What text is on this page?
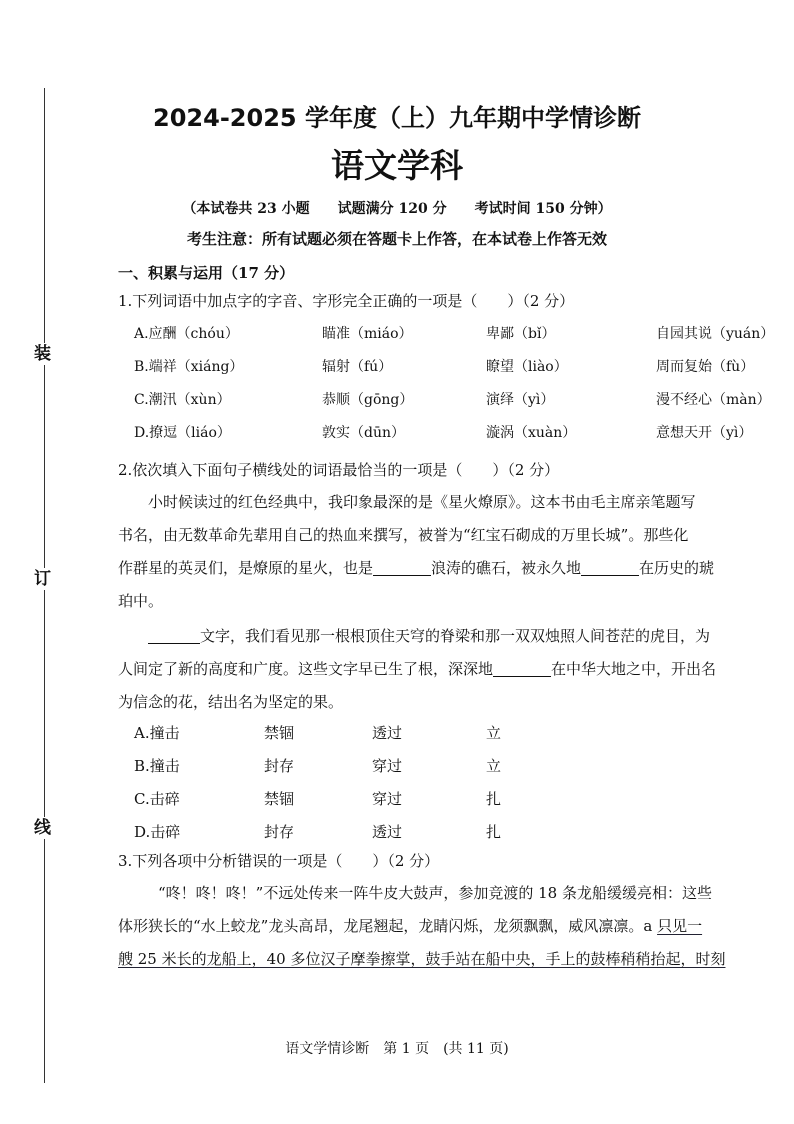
装
订
线
2024-2025 学年度（上）九年期中学情诊断
语文学科
（本试卷共 23 小题　　试题满分 120 分　　考试时间 150 分钟）
考生注意：所有试题必须在答题卡上作答，在本试卷上作答无效
一、积累与运用（17 分）
1.下列词语中加点字的字音、字形完全正确的一项是（　　）（2 分）
A.应酬（chóu）	瞄准（miáo）	卑鄙（bǐ）	自园其说（yuán）
B.端祥（xiáng）	辐射（fú）	瞭望（liào）	周而复始（fù）
C.潮汛（xùn）	恭顺（gōng）	演绎（yì）	漫不经心（màn）
D.撩逗（liáo）	敦实（dūn）	漩涡（xuàn）	意想天开（yì）
2.依次填入下面句子横线处的词语最恰当的一项是（　　）（2 分）
小时候读过的红色经典中，我印象最深的是《星火燎原》。这本书由毛主席亲笔题写
书名，由无数革命先辈用自己的热血来撰写，被誉为“红宝石砌成的万里长城”。那些化
作群星的英灵们，是燎原的星火，也是	浪涛的礁石，被永久地	在历史的琥
珀中。
文字，我们看见那一根根顶住天穹的脊梁和那一双双烛照人间苍茫的虎目，为
人间定了新的高度和广度。这些文字早已生了根，深深地	在中华大地之中，开出名
为信念的花，结出名为坚定的果。
A.撞击	禁锢	透过	立
B.撞击	封存	穿过	立
C.击碎	禁锢	穿过	扎
D.击碎	封存	透过	扎
3.下列各项中分析错误的一项是（　　）（2 分）
“咚！咚！咚！”不远处传来一阵牛皮大鼓声，参加竞渡的 18 条龙船缓缓亮相：这些
体形狭长的“水上蛟龙”龙头高昂，龙尾翘起，龙睛闪烁，龙须飘飘，威风凛凛。a 只见一
艘 25 米长的龙船上，40 多位汉子摩拳擦掌，鼓手站在船中央，手上的鼓棒稍稍抬起，时刻
语文学情诊断　第 1 页　(共 11 页)
